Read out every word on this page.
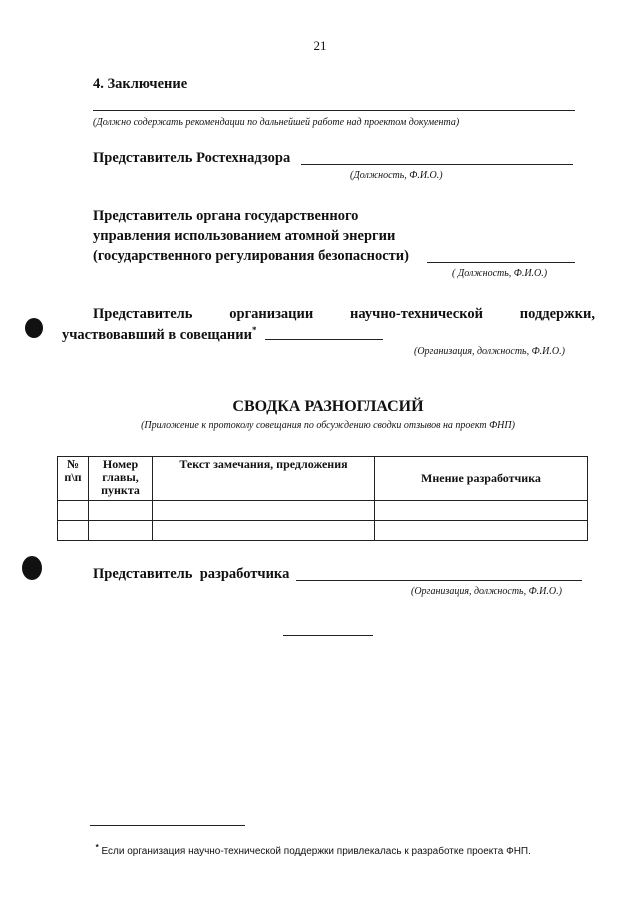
21
4. Заключение
(Должно содержать рекомендации по дальнейшей работе над проектом документа)
Представитель Ростехнадзора
(Должность, Ф.И.О.)
Представитель органа государственного
управления использованием атомной энергии
(государственного регулирования безопасности)
( Должность, Ф.И.О.)
Представитель	организации	научно-технической	поддержки,
участвовавший в совещании*
(Организация, должность, Ф.И.О.)
СВОДКА РАЗНОГЛАСИЙ
(Приложение к протоколу совещания по обсуждению сводки отзывов на проект ФНП)
№ п\п	Номер главы, пункта	Текст замечания, предложения	Мнение разработчика

Представитель  разработчика
(Организация, должность, Ф.И.О.)

* Если организация научно-технической поддержки привлекалась к разработке проекта ФНП.
